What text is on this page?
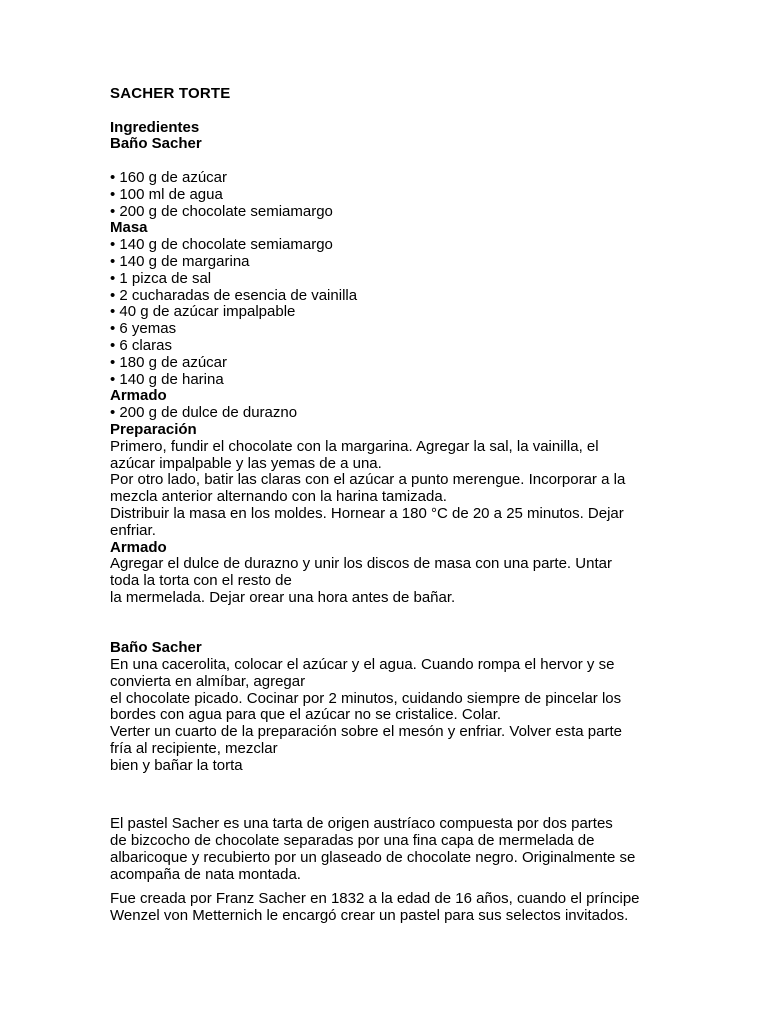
SACHER TORTE
Ingredientes
Baño Sacher
• 160 g de azúcar
• 100 ml de agua
• 200 g de chocolate semiamargo
Masa
• 140 g de chocolate semiamargo
• 140 g de margarina
• 1 pizca de sal
• 2 cucharadas de esencia de vainilla
• 40 g de azúcar impalpable
• 6 yemas
• 6 claras
• 180 g de azúcar
• 140 g de harina
Armado
• 200 g de dulce de durazno
Preparación
Primero, fundir el chocolate con la margarina. Agregar la sal, la vainilla, el
azúcar impalpable y las yemas de a una.
Por otro lado, batir las claras con el azúcar a punto merengue. Incorporar a la
mezcla anterior alternando con la harina tamizada.
Distribuir la masa en los moldes. Hornear a 180 °C de 20 a 25 minutos. Dejar
enfriar.
Armado
Agregar el dulce de durazno y unir los discos de masa con una parte. Untar
toda la torta con el resto de
la mermelada. Dejar orear una hora antes de bañar.
Baño Sacher
En una cacerolita, colocar el azúcar y el agua. Cuando rompa el hervor y se
convierta en almíbar, agregar
el chocolate picado. Cocinar por 2 minutos, cuidando siempre de pincelar los
bordes con agua para que el azúcar no se cristalice. Colar.
Verter un cuarto de la preparación sobre el mesón y enfriar. Volver esta parte
fría al recipiente, mezclar
bien y bañar la torta
El pastel Sacher es una tarta de origen austríaco compuesta por dos partes
de bizcocho de chocolate separadas por una fina capa de mermelada de
albaricoque y recubierto por un glaseado de chocolate negro. Originalmente se
acompaña de nata montada.
Fue creada por Franz Sacher en 1832 a la edad de 16 años, cuando el príncipe
Wenzel von Metternich le encargó crear un pastel para sus selectos invitados.
